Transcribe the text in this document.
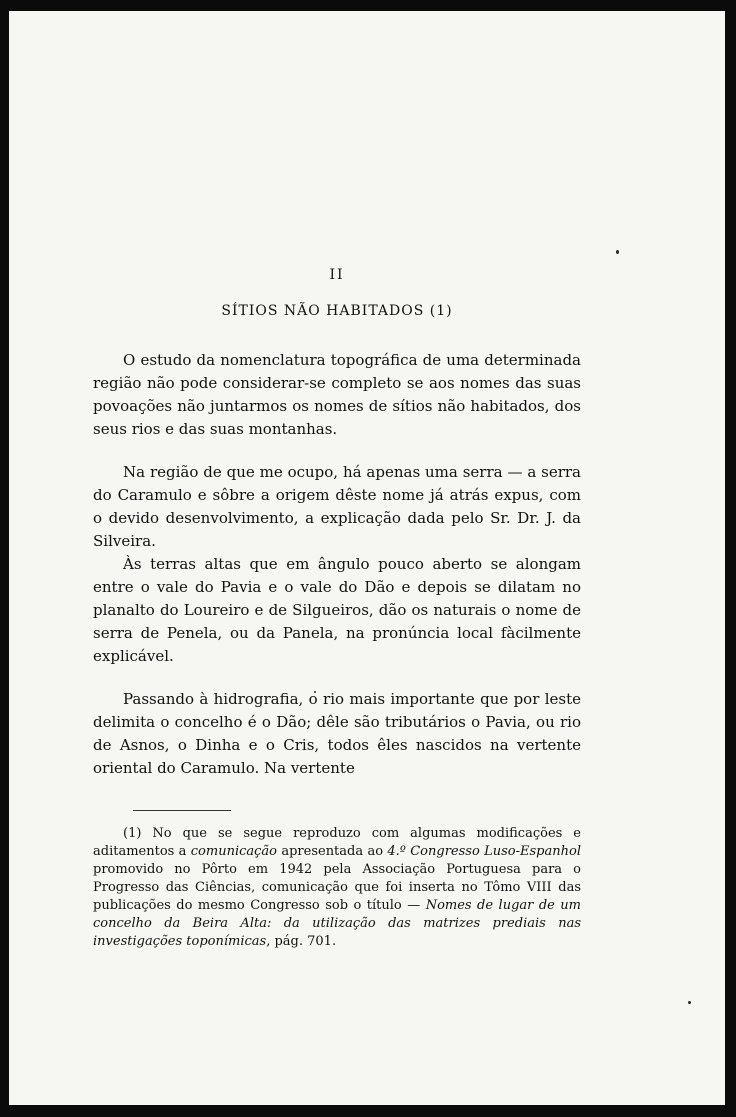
II
SÍTIOS NÃO HABITADOS (1)

O estudo da nomenclatura topográfica de uma determinada região não pode considerar-se completo se aos nomes das suas povoações não juntarmos os nomes de sítios não habitados, dos seus rios e das suas montanhas.

Na região de que me ocupo, há apenas uma serra — a serra do Caramulo e sôbre a origem dêste nome já atrás expus, com o devido desenvolvimento, a explicação dada pelo Sr. Dr. J. da Silveira.

Às terras altas que em ângulo pouco aberto se alongam entre o vale do Pavia e o vale do Dão e depois se dilatam no planalto do Loureiro e de Silgueiros, dão os naturais o nome de serra de Penela, ou da Panela, na pronúncia local fàcilmente explicável.

Passando à hidrografia, o rio mais importante que por leste delimita o concelho é o Dão; dêle são tributários o Pavia, ou rio de Asnos, o Dinha e o Cris, todos êles nascidos na vertente oriental do Caramulo. Na vertente

(1) No que se segue reproduzo com algumas modificações e aditamentos a comunicação apresentada ao 4.º Congresso Luso-Espanhol promovido no Pôrto em 1942 pela Associação Portuguesa para o Progresso das Ciências, comunicação que foi inserta no Tômo VIII das publicações do mesmo Congresso sob o título — Nomes de lugar de um concelho da Beira Alta: da utilização das matrizes prediais nas investigações toponímicas, pág. 701.
